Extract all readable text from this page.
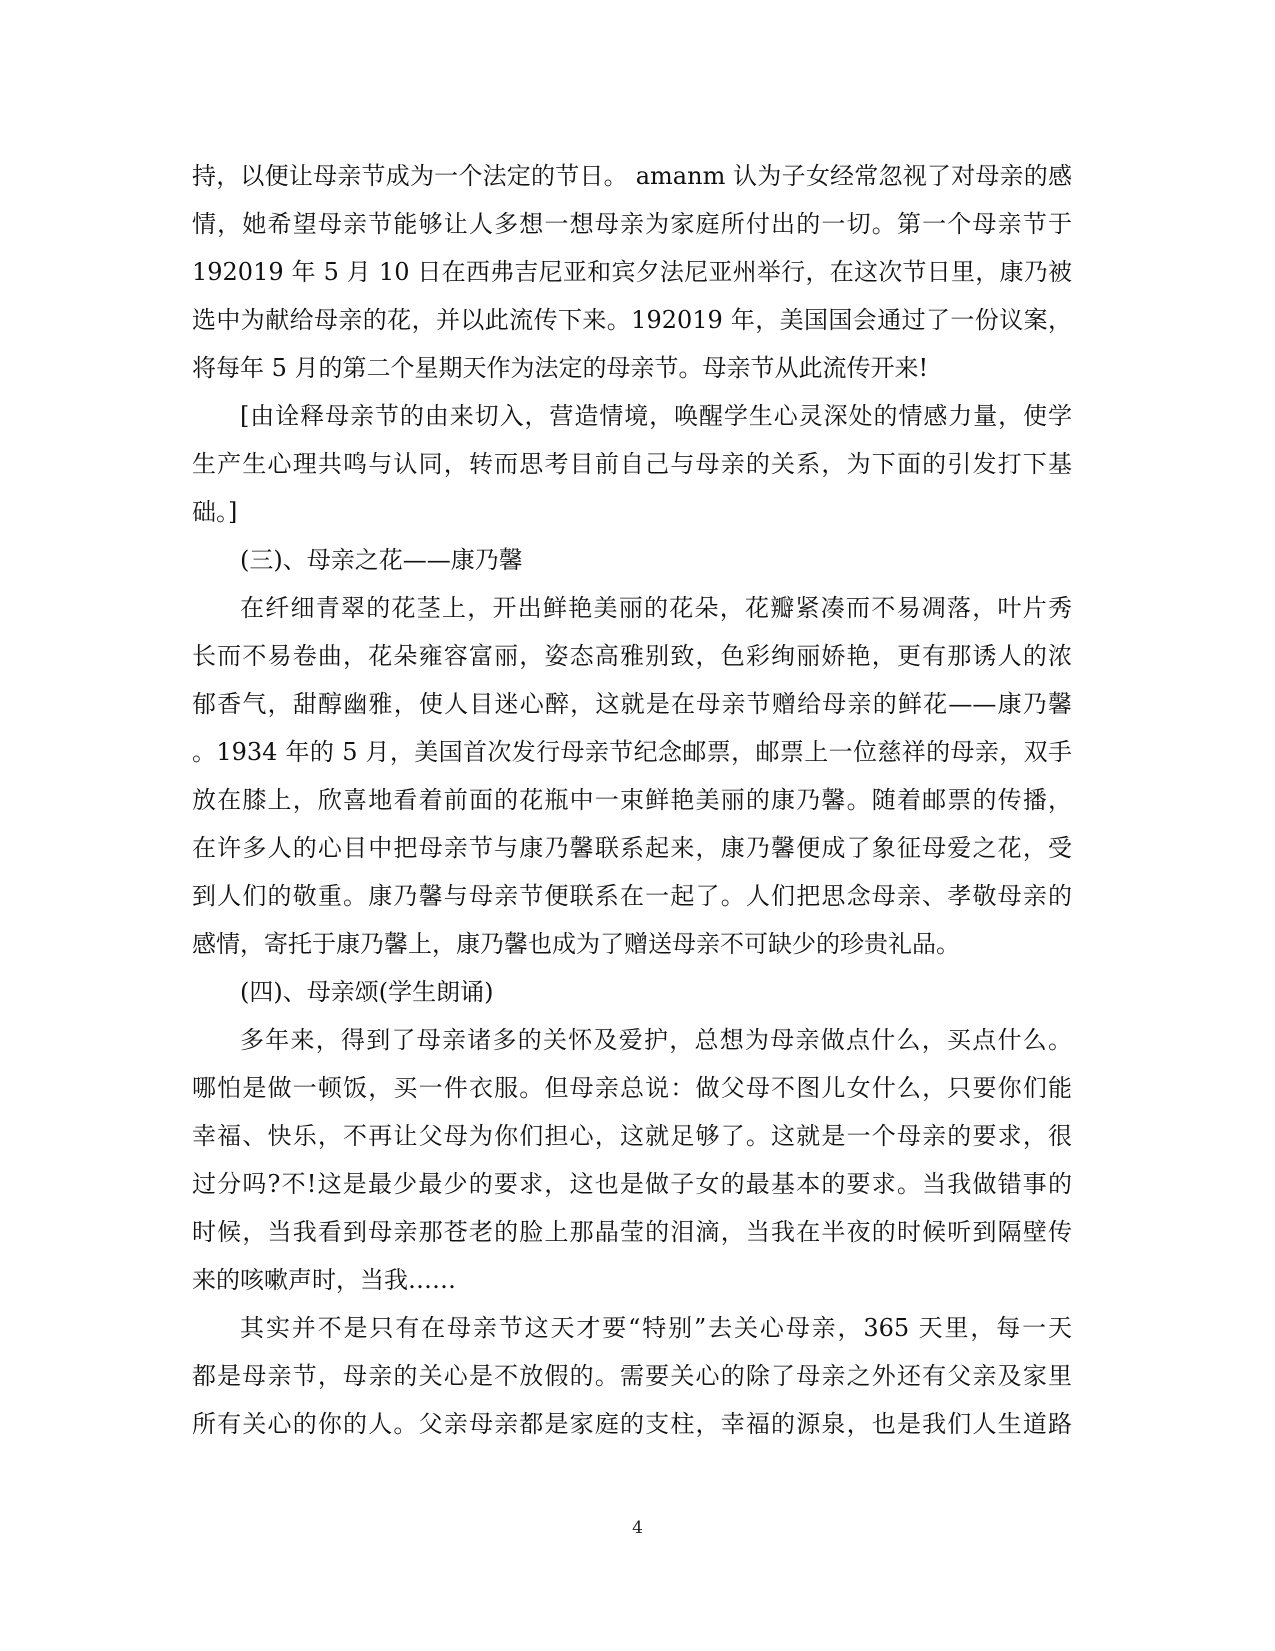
持，以便让母亲节成为一个法定的节日。 amanm 认为子女经常忽视了对母亲的感
情，她希望母亲节能够让人多想一想母亲为家庭所付出的一切。第一个母亲节于
192019 年 5 月 10 日在西弗吉尼亚和宾夕法尼亚州举行，在这次节日里，康乃被
选中为献给母亲的花，并以此流传下来。192019 年，美国国会通过了一份议案，
将每年 5 月的第二个星期天作为法定的母亲节。母亲节从此流传开来!
[由诠释母亲节的由来切入，营造情境，唤醒学生心灵深处的情感力量，使学
生产生心理共鸣与认同，转而思考目前自己与母亲的关系，为下面的引发打下基
础。]
(三)、母亲之花——康乃馨
在纤细青翠的花茎上，开出鲜艳美丽的花朵，花瓣紧凑而不易凋落，叶片秀
长而不易卷曲，花朵雍容富丽，姿态高雅别致，色彩绚丽娇艳，更有那诱人的浓
郁香气，甜醇幽雅，使人目迷心醉，这就是在母亲节赠给母亲的鲜花——康乃馨
。1934 年的 5 月，美国首次发行母亲节纪念邮票，邮票上一位慈祥的母亲，双手
放在膝上，欣喜地看着前面的花瓶中一束鲜艳美丽的康乃馨。随着邮票的传播，
在许多人的心目中把母亲节与康乃馨联系起来，康乃馨便成了象征母爱之花，受
到人们的敬重。康乃馨与母亲节便联系在一起了。人们把思念母亲、孝敬母亲的
感情，寄托于康乃馨上，康乃馨也成为了赠送母亲不可缺少的珍贵礼品。
(四)、母亲颂(学生朗诵)
多年来，得到了母亲诸多的关怀及爱护，总想为母亲做点什么，买点什么。
哪怕是做一顿饭，买一件衣服。但母亲总说：做父母不图儿女什么，只要你们能
幸福、快乐，不再让父母为你们担心，这就足够了。这就是一个母亲的要求，很
过分吗?不!这是最少最少的要求，这也是做子女的最基本的要求。当我做错事的
时候，当我看到母亲那苍老的脸上那晶莹的泪滴，当我在半夜的时候听到隔壁传
来的咳嗽声时，当我……
其实并不是只有在母亲节这天才要“特别”去关心母亲，365 天里，每一天
都是母亲节，母亲的关心是不放假的。需要关心的除了母亲之外还有父亲及家里
所有关心的你的人。父亲母亲都是家庭的支柱，幸福的源泉，也是我们人生道路
4
